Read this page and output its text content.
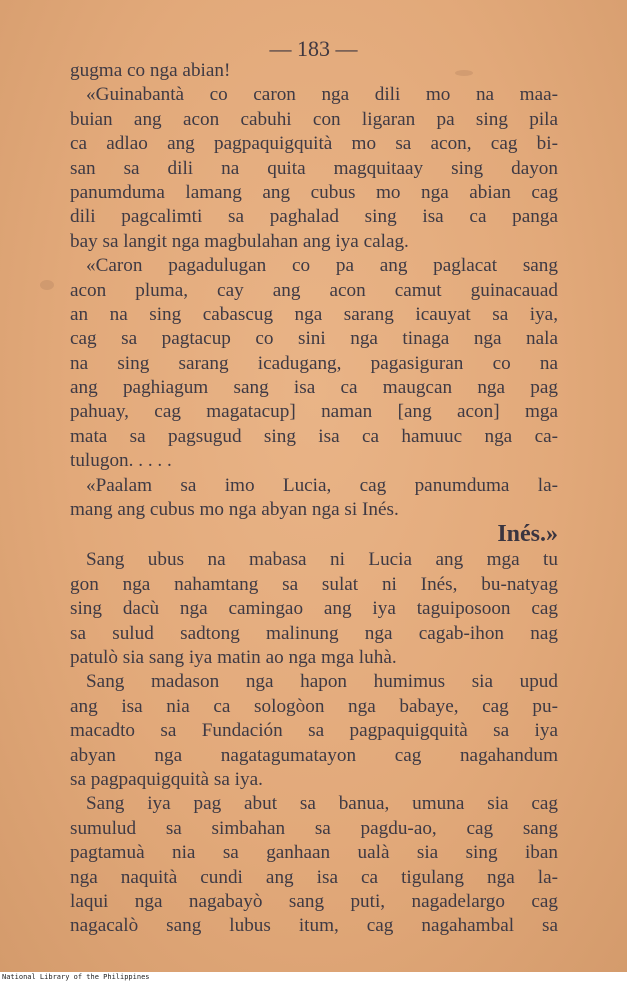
— 183 —
gugma co nga abian!
«Guinabantà co caron nga dili mo na maa-
buian ang acon cabuhi con ligaran pa sing pila
ca adlao ang pagpaquigquità mo sa acon, cag bi-
san sa dili na quita magquitaay sing dayon
panumduma lamang ang cubus mo nga abian cag
dili pagcalimti sa paghalad sing isa ca panga
bay sa langit nga magbulahan ang iya calag.
«Caron pagadulugan co pa ang paglacat sang
acon pluma, cay ang acon camut guinacauad
an na sing cabascug nga sarang icauyat sa iya,
cag sa pagtacup co sini nga tinaga nga nala
na sing sarang icadugang, pagasiguran co na
ang paghiagum sang isa ca maugcan nga pag
pahuay, cag magatacup] naman [ang acon] mga
mata sa pagsugud sing isa ca hamuuc nga ca-
tulugon. . . . .
«Paalam sa imo Lucia, cag panumduma la-
mang ang cubus mo nga abyan nga si Inés.
Inés.»
Sang ubus na mabasa ni Lucia ang mga tu
gon nga nahamtang sa sulat ni Inés, bu-natyag
sing dacù nga camingao ang iya taguiposoon cag
sa sulud sadtong malinung nga cagab-ihon nag
patulò sia sang iya matin ao nga mga luhà.
Sang madason nga hapon humimus sia upud
ang isa nia ca sologòon nga babaye, cag pu-
macadto sa Fundación sa pagpaquigquità sa iya
abyan nga nagatagumatayon cag nagahandum
sa pagpaquigquità sa iya.
Sang iya pag abut sa banua, umuna sia cag
sumulud sa simbahan sa pagdu-ao, cag sang
pagtamuà nia sa ganhaan ualà sia sing iban
nga naquità cundi ang isa ca tigulang nga la-
laqui nga nagabayò sang puti, nagadelargo cag
nagacalò sang lubus itum, cag nagahambal sa
National Library of the Philippines
